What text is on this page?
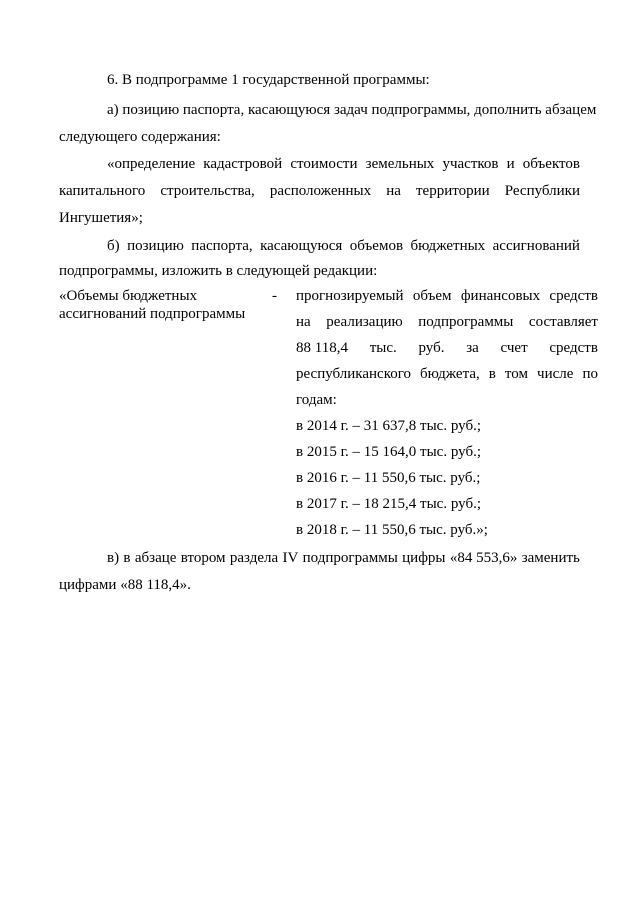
6. В подпрограмме 1 государственной программы:
а) позицию паспорта, касающуюся задач подпрограммы, дополнить абзацем
следующего содержания:
«определение кадастровой стоимости земельных участков и объектов
капитального строительства, расположенных на территории Республики
Ингушетия»;
б) позицию паспорта, касающуюся объемов бюджетных ассигнований
подпрограммы, изложить в следующей редакции:
«Объемы бюджетных
ассигнований подпрограммы
- прогнозируемый объем финансовых средств
на реализацию подпрограммы составляет
88 118,4 тыс. руб. за счет средств
республиканского бюджета, в том числе по
годам:
в 2014 г. – 31 637,8 тыс. руб.;
в 2015 г. – 15 164,0 тыс. руб.;
в 2016 г. – 11 550,6 тыс. руб.;
в 2017 г. – 18 215,4 тыс. руб.;
в 2018 г. – 11 550,6 тыс. руб.»;
в) в абзаце втором раздела IV подпрограммы цифры «84 553,6» заменить
цифрами «88 118,4».
